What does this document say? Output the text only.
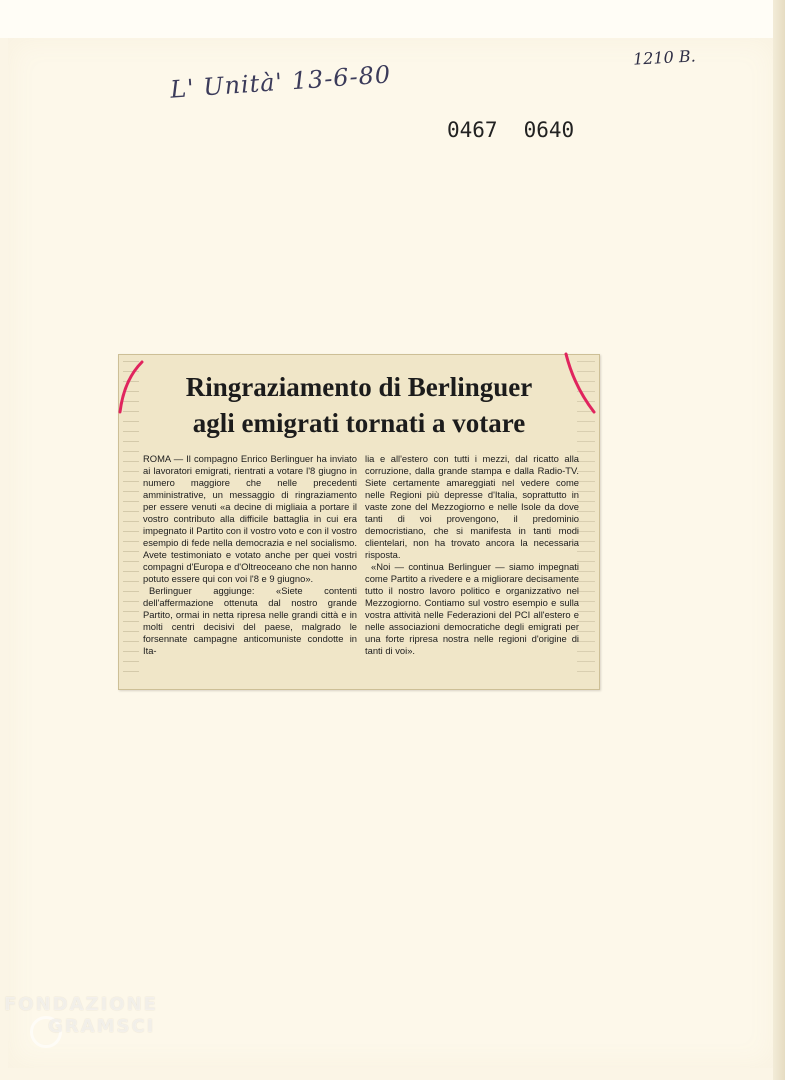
L' Unità' 13-6-80
1210 B.
0467 0640
Ringraziamento di Berlinguer
agli emigrati tornati a votare

ROMA — Il compagno Enrico Berlinguer ha inviato ai lavoratori emigrati, rientrati a votare l'8 giugno in numero maggiore che nelle precedenti amministrative, un messaggio di ringraziamento per essere venuti «a decine di migliaia a portare il vostro contributo alla difficile battaglia in cui era impegnato il Partito con il vostro voto e con il vostro esempio di fede nella democrazia e nel socialismo. Avete testimoniato e votato anche per quei vostri compagni d'Europa e d'Oltreoceano che non hanno potuto essere qui con voi l'8 e 9 giugno».

Berlinguer aggiunge: «Siete contenti dell'affermazione ottenuta dal nostro grande Partito, ormai in netta ripresa nelle grandi città e in molti centri decisivi del paese, malgrado le forsennate campagne anticomuniste condotte in Ita-

lia e all'estero con tutti i mezzi, dal ricatto alla corruzione, dalla grande stampa e dalla Radio-TV. Siete certamente amareggiati nel vedere come nelle Regioni più depresse d'Italia, soprattutto in vaste zone del Mezzogiorno e nelle Isole da dove tanti di voi provengono, il predominio democristiano, che si manifesta in tanti modi clientelari, non ha trovato ancora la necessaria risposta.

«Noi — continua Berlinguer — siamo impegnati come Partito a rivedere e a migliorare decisamente tutto il nostro lavoro politico e organizzativo nel Mezzogiorno. Contiamo sul vostro esempio e sulla vostra attività nelle Federazioni del PCI all'estero e nelle associazioni democratiche degli emigrati per una forte ripresa nostra nelle regioni d'origine di tanti di voi».

FONDAZIONE
GRAMSCI
